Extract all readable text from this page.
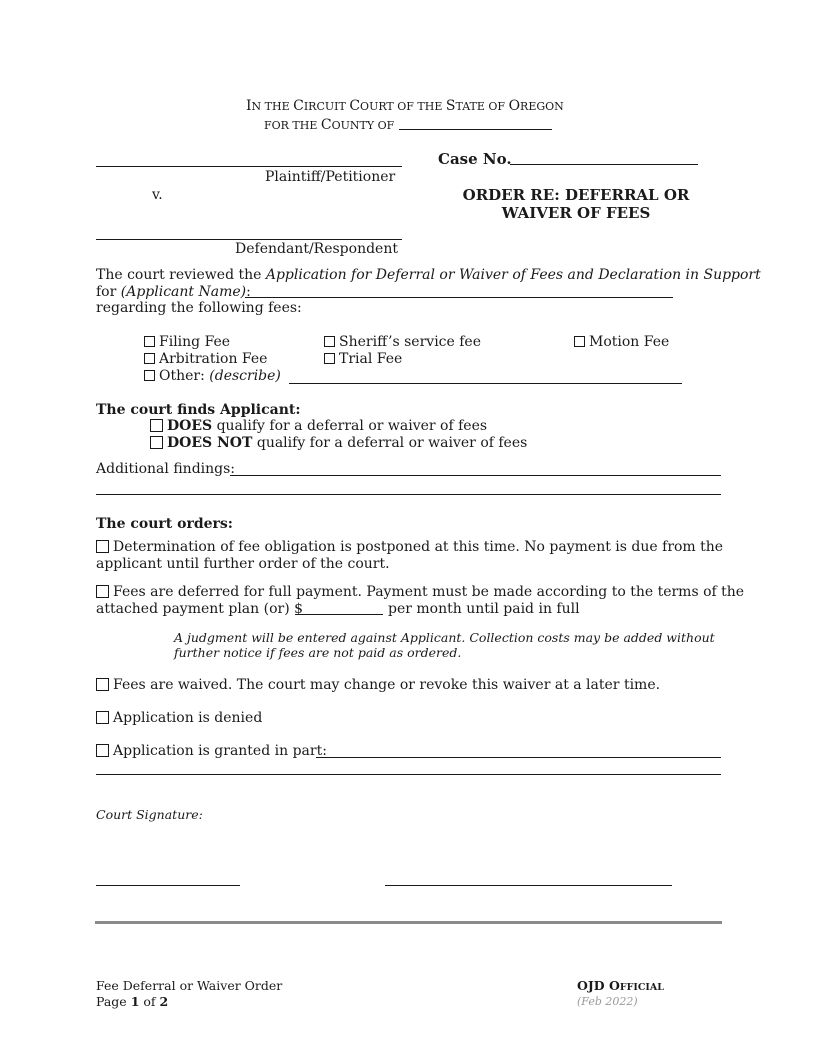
IN THE CIRCUIT COURT OF THE STATE OF OREGON
FOR THE COUNTY OF
Plaintiff/Petitioner
Case No.
v.	ORDER RE: DEFERRAL OR
WAIVER OF FEES
Defendant/Respondent
The court reviewed the Application for Deferral or Waiver of Fees and Declaration in Support
for (Applicant Name):
regarding the following fees:
Filing Fee	Sheriff’s service fee	Motion Fee
Arbitration Fee	Trial Fee
Other: (describe)
The court finds Applicant:
DOES qualify for a deferral or waiver of fees
DOES NOT qualify for a deferral or waiver of fees
Additional findings:
The court orders:
Determination of fee obligation is postponed at this time. No payment is due from the
applicant until further order of the court.
Fees are deferred for full payment. Payment must be made according to the terms of the
attached payment plan (or) $	per month until paid in full
A judgment will be entered against Applicant. Collection costs may be added without
further notice if fees are not paid as ordered.
Fees are waived. The court may change or revoke this waiver at a later time.
Application is denied
Application is granted in part:
Court Signature:
Fee Deferral or Waiver Order
Page 1 of 2
OJD OFFICIAL
(Feb 2022)
